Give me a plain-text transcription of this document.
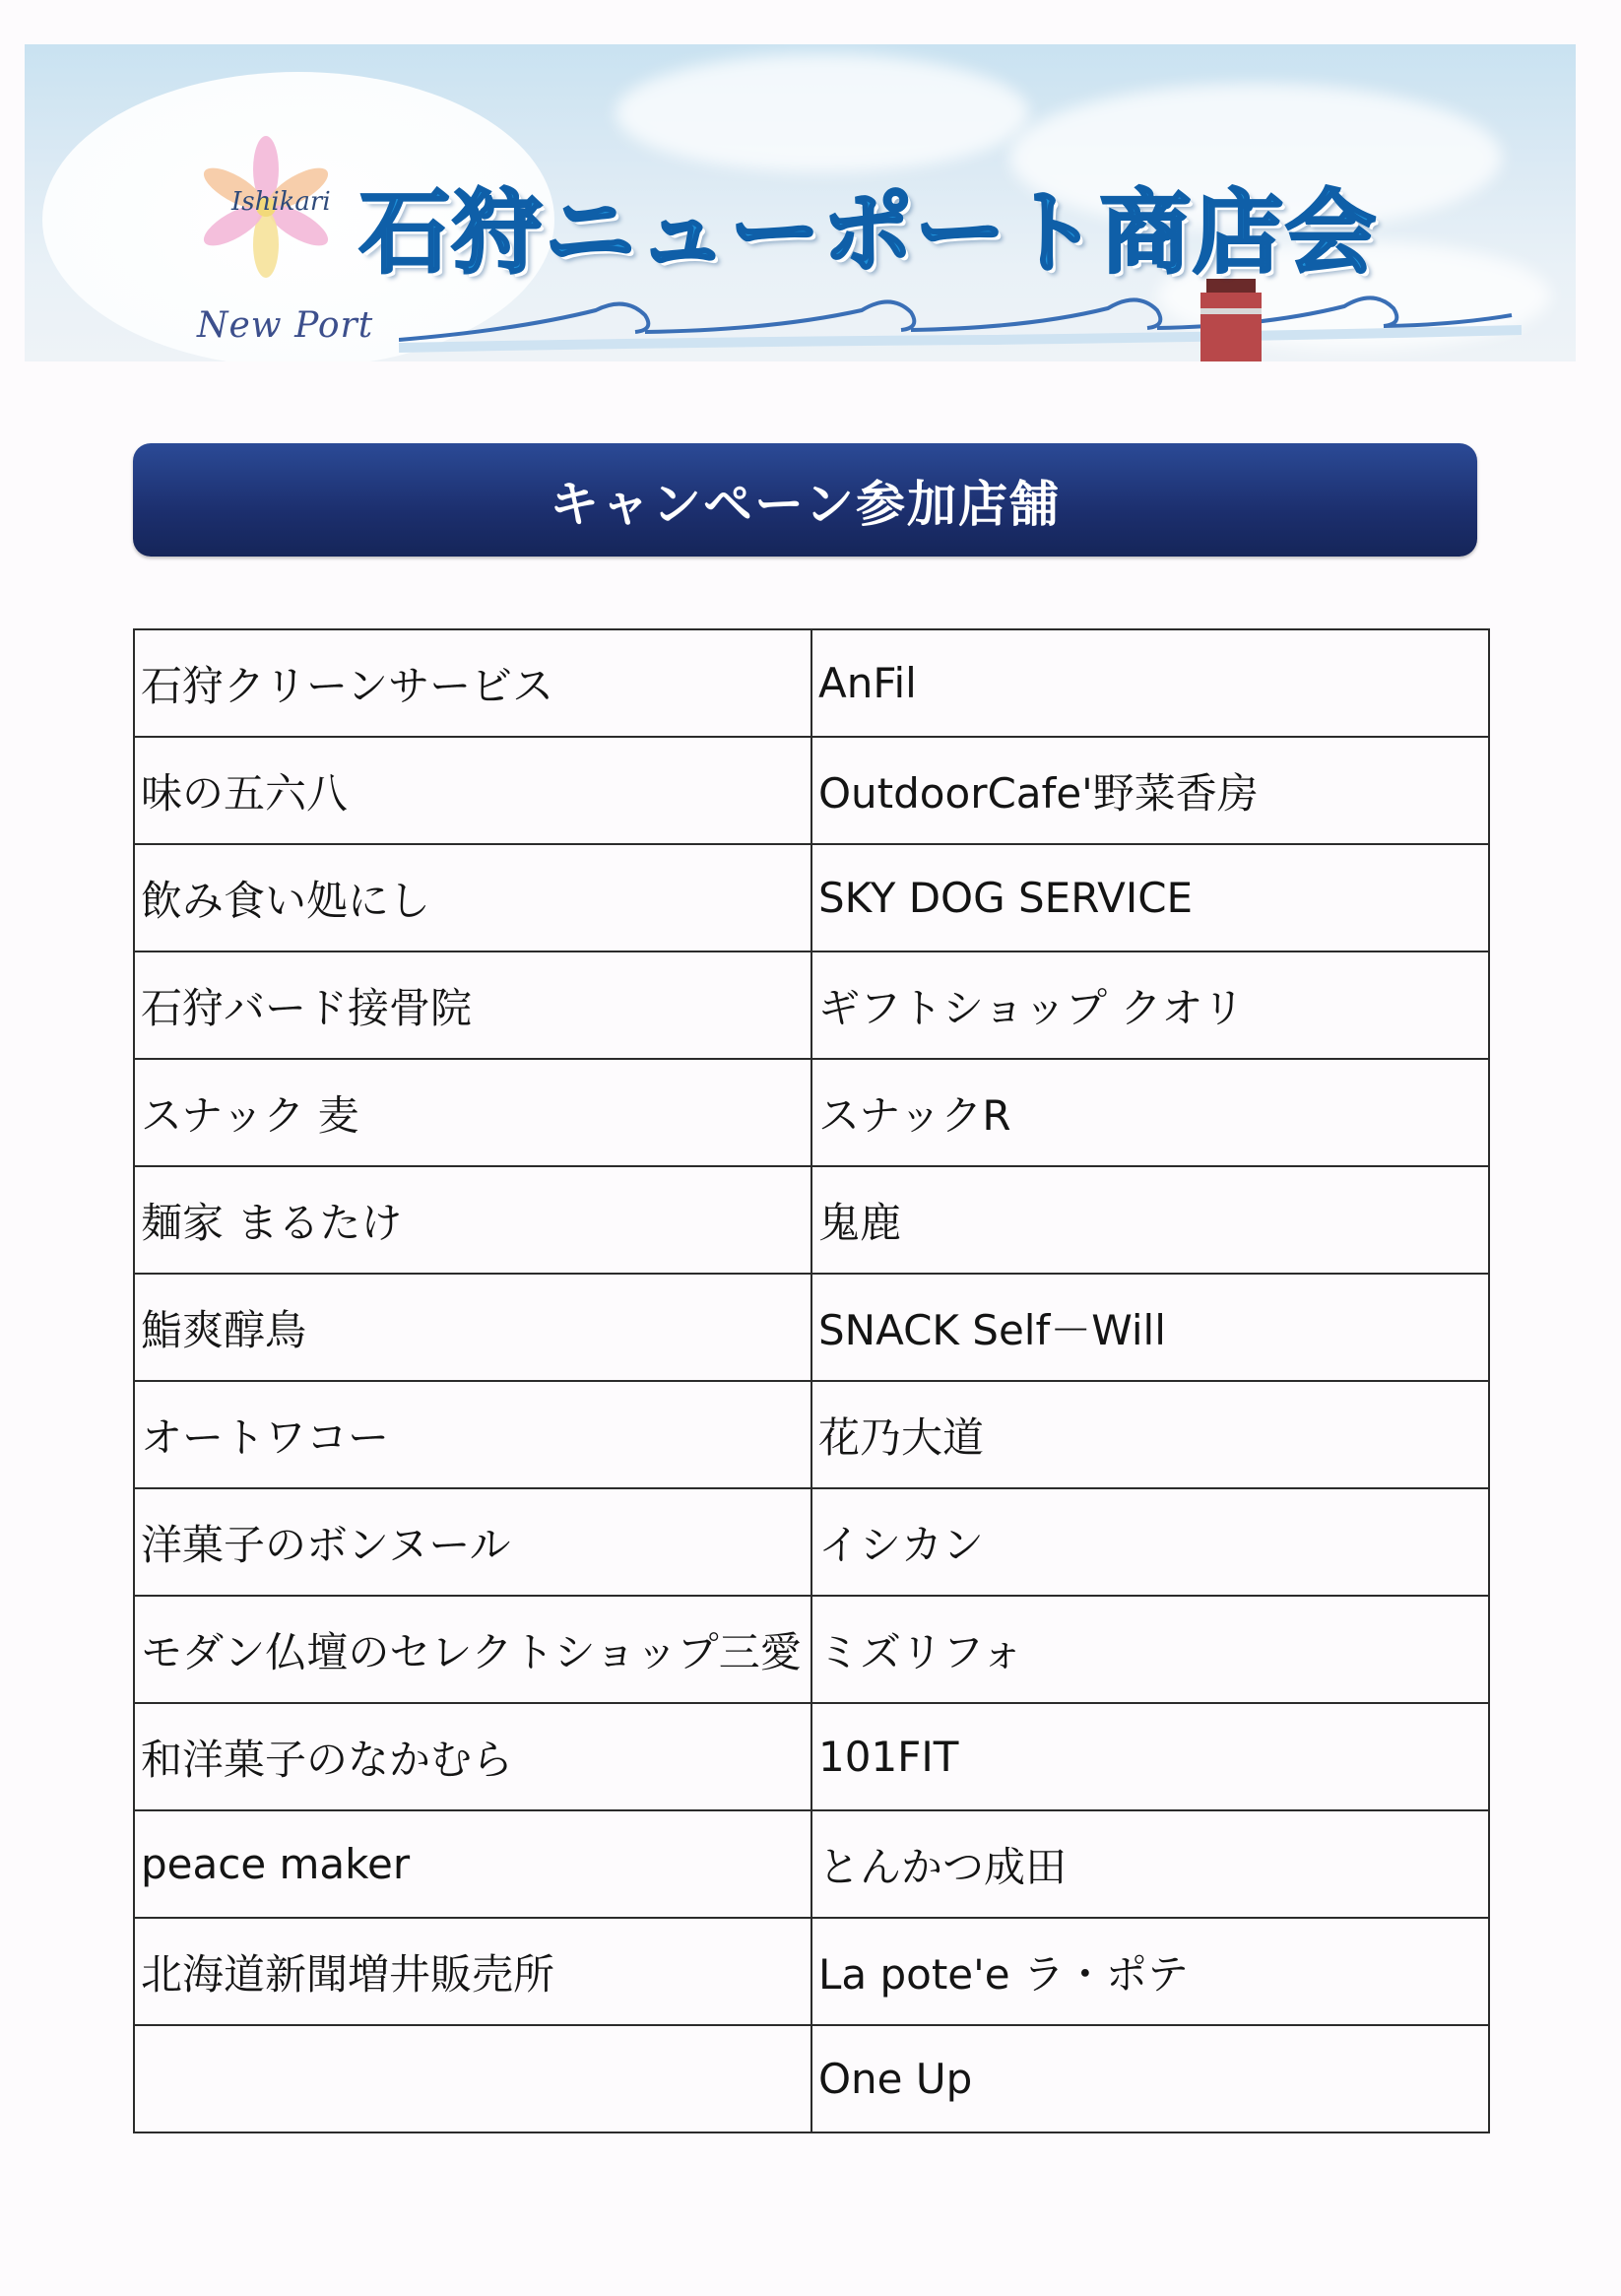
Ishikari
New Port
石狩ニューポート商店会
キャンペーン参加店舗
石狩クリーンサービス	AnFil
味の五六八	OutdoorCafe'野菜香房
飲み食い処にし	SKY DOG SERVICE
石狩バード接骨院	ギフトショップ クオリ
スナック 麦	スナックR
麺家 まるたけ	鬼鹿
鮨爽醇鳥	SNACK Self－Will
オートワコー	花乃大道
洋菓子のボンヌール	イシカン
モダン仏壇のセレクトショップ三愛	ミズリフォ
和洋菓子のなかむら	101FIT
peace maker	とんかつ成田
北海道新聞増井販売所	La pote'e ラ・ポテ
	One Up
